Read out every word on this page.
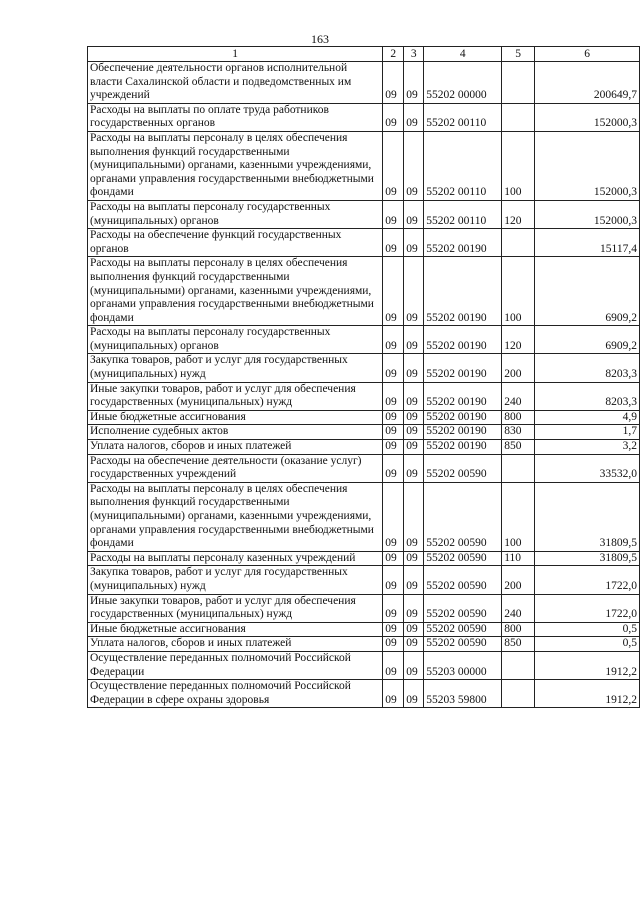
163
1	2	3	4	5	6
Обеспечение деятельности органов исполнительной власти Сахалинской области и подведомственных им учреждений	09	09	55202 00000		200649,7
Расходы на выплаты по оплате труда работников государственных органов	09	09	55202 00110		152000,3
Расходы на выплаты персоналу в целях обеспечения выполнения функций государственными (муниципальными) органами, казенными учреждениями, органами управления государственными внебюджетными фондами	09	09	55202 00110	100	152000,3
Расходы на выплаты персоналу государственных (муниципальных) органов	09	09	55202 00110	120	152000,3
Расходы на обеспечение функций государственных органов	09	09	55202 00190		15117,4
Расходы на выплаты персоналу в целях обеспечения выполнения функций государственными (муниципальными) органами, казенными учреждениями, органами управления государственными внебюджетными фондами	09	09	55202 00190	100	6909,2
Расходы на выплаты персоналу государственных (муниципальных) органов	09	09	55202 00190	120	6909,2
Закупка товаров, работ и услуг для государственных (муниципальных) нужд	09	09	55202 00190	200	8203,3
Иные закупки товаров, работ и услуг для обеспечения государственных (муниципальных) нужд	09	09	55202 00190	240	8203,3
Иные бюджетные ассигнования	09	09	55202 00190	800	4,9
Исполнение судебных актов	09	09	55202 00190	830	1,7
Уплата налогов, сборов и иных платежей	09	09	55202 00190	850	3,2
Расходы на обеспечение деятельности (оказание услуг) государственных учреждений	09	09	55202 00590		33532,0
Расходы на выплаты персоналу в целях обеспечения выполнения функций государственными (муниципальными) органами, казенными учреждениями, органами управления государственными внебюджетными фондами	09	09	55202 00590	100	31809,5
Расходы на выплаты персоналу казенных учреждений	09	09	55202 00590	110	31809,5
Закупка товаров, работ и услуг для государственных (муниципальных) нужд	09	09	55202 00590	200	1722,0
Иные закупки товаров, работ и услуг для обеспечения государственных (муниципальных) нужд	09	09	55202 00590	240	1722,0
Иные бюджетные ассигнования	09	09	55202 00590	800	0,5
Уплата налогов, сборов и иных платежей	09	09	55202 00590	850	0,5
Осуществление переданных полномочий Российской Федерации	09	09	55203 00000		1912,2
Осуществление переданных полномочий Российской Федерации в сфере охраны здоровья	09	09	55203 59800		1912,2
